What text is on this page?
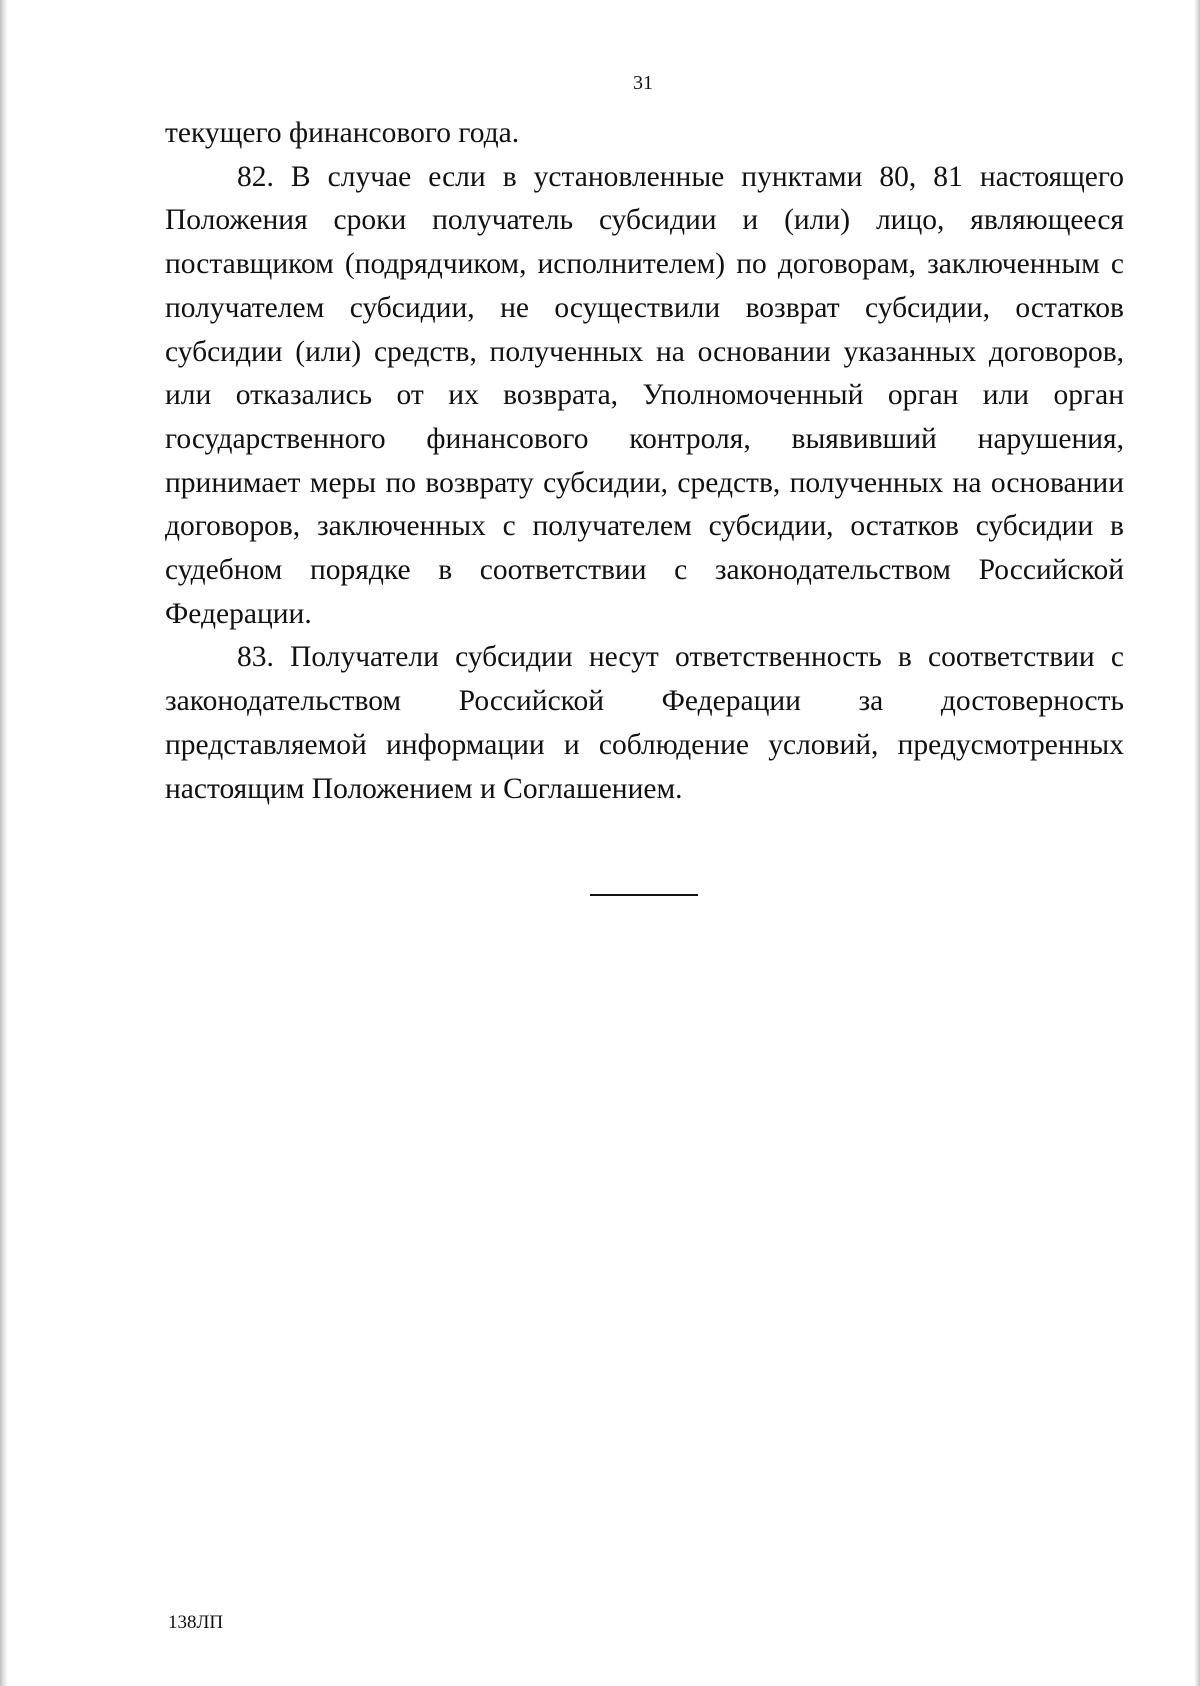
31

текущего финансового года.

82. В случае если в установленные пунктами 80, 81 настоящего Положения сроки получатель субсидии и (или) лицо, являющееся поставщиком (подрядчиком, исполнителем) по договорам, заключенным с получателем субсидии, не осуществили возврат субсидии, остатков субсидии (или) средств, полученных на основании указанных договоров, или отказались от их возврата, Уполномоченный орган или орган государственного финансового контроля, выявивший нарушения, принимает меры по возврату субсидии, средств, полученных на основании договоров, заключенных с получателем субсидии, остатков субсидии в судебном порядке в соответствии с законодательством Российской Федерации.

83. Получатели субсидии несут ответственность в соответствии с законодательством Российской Федерации за достоверность представляемой информации и соблюдение условий, предусмотренных настоящим Положением и Соглашением.

138ЛП
